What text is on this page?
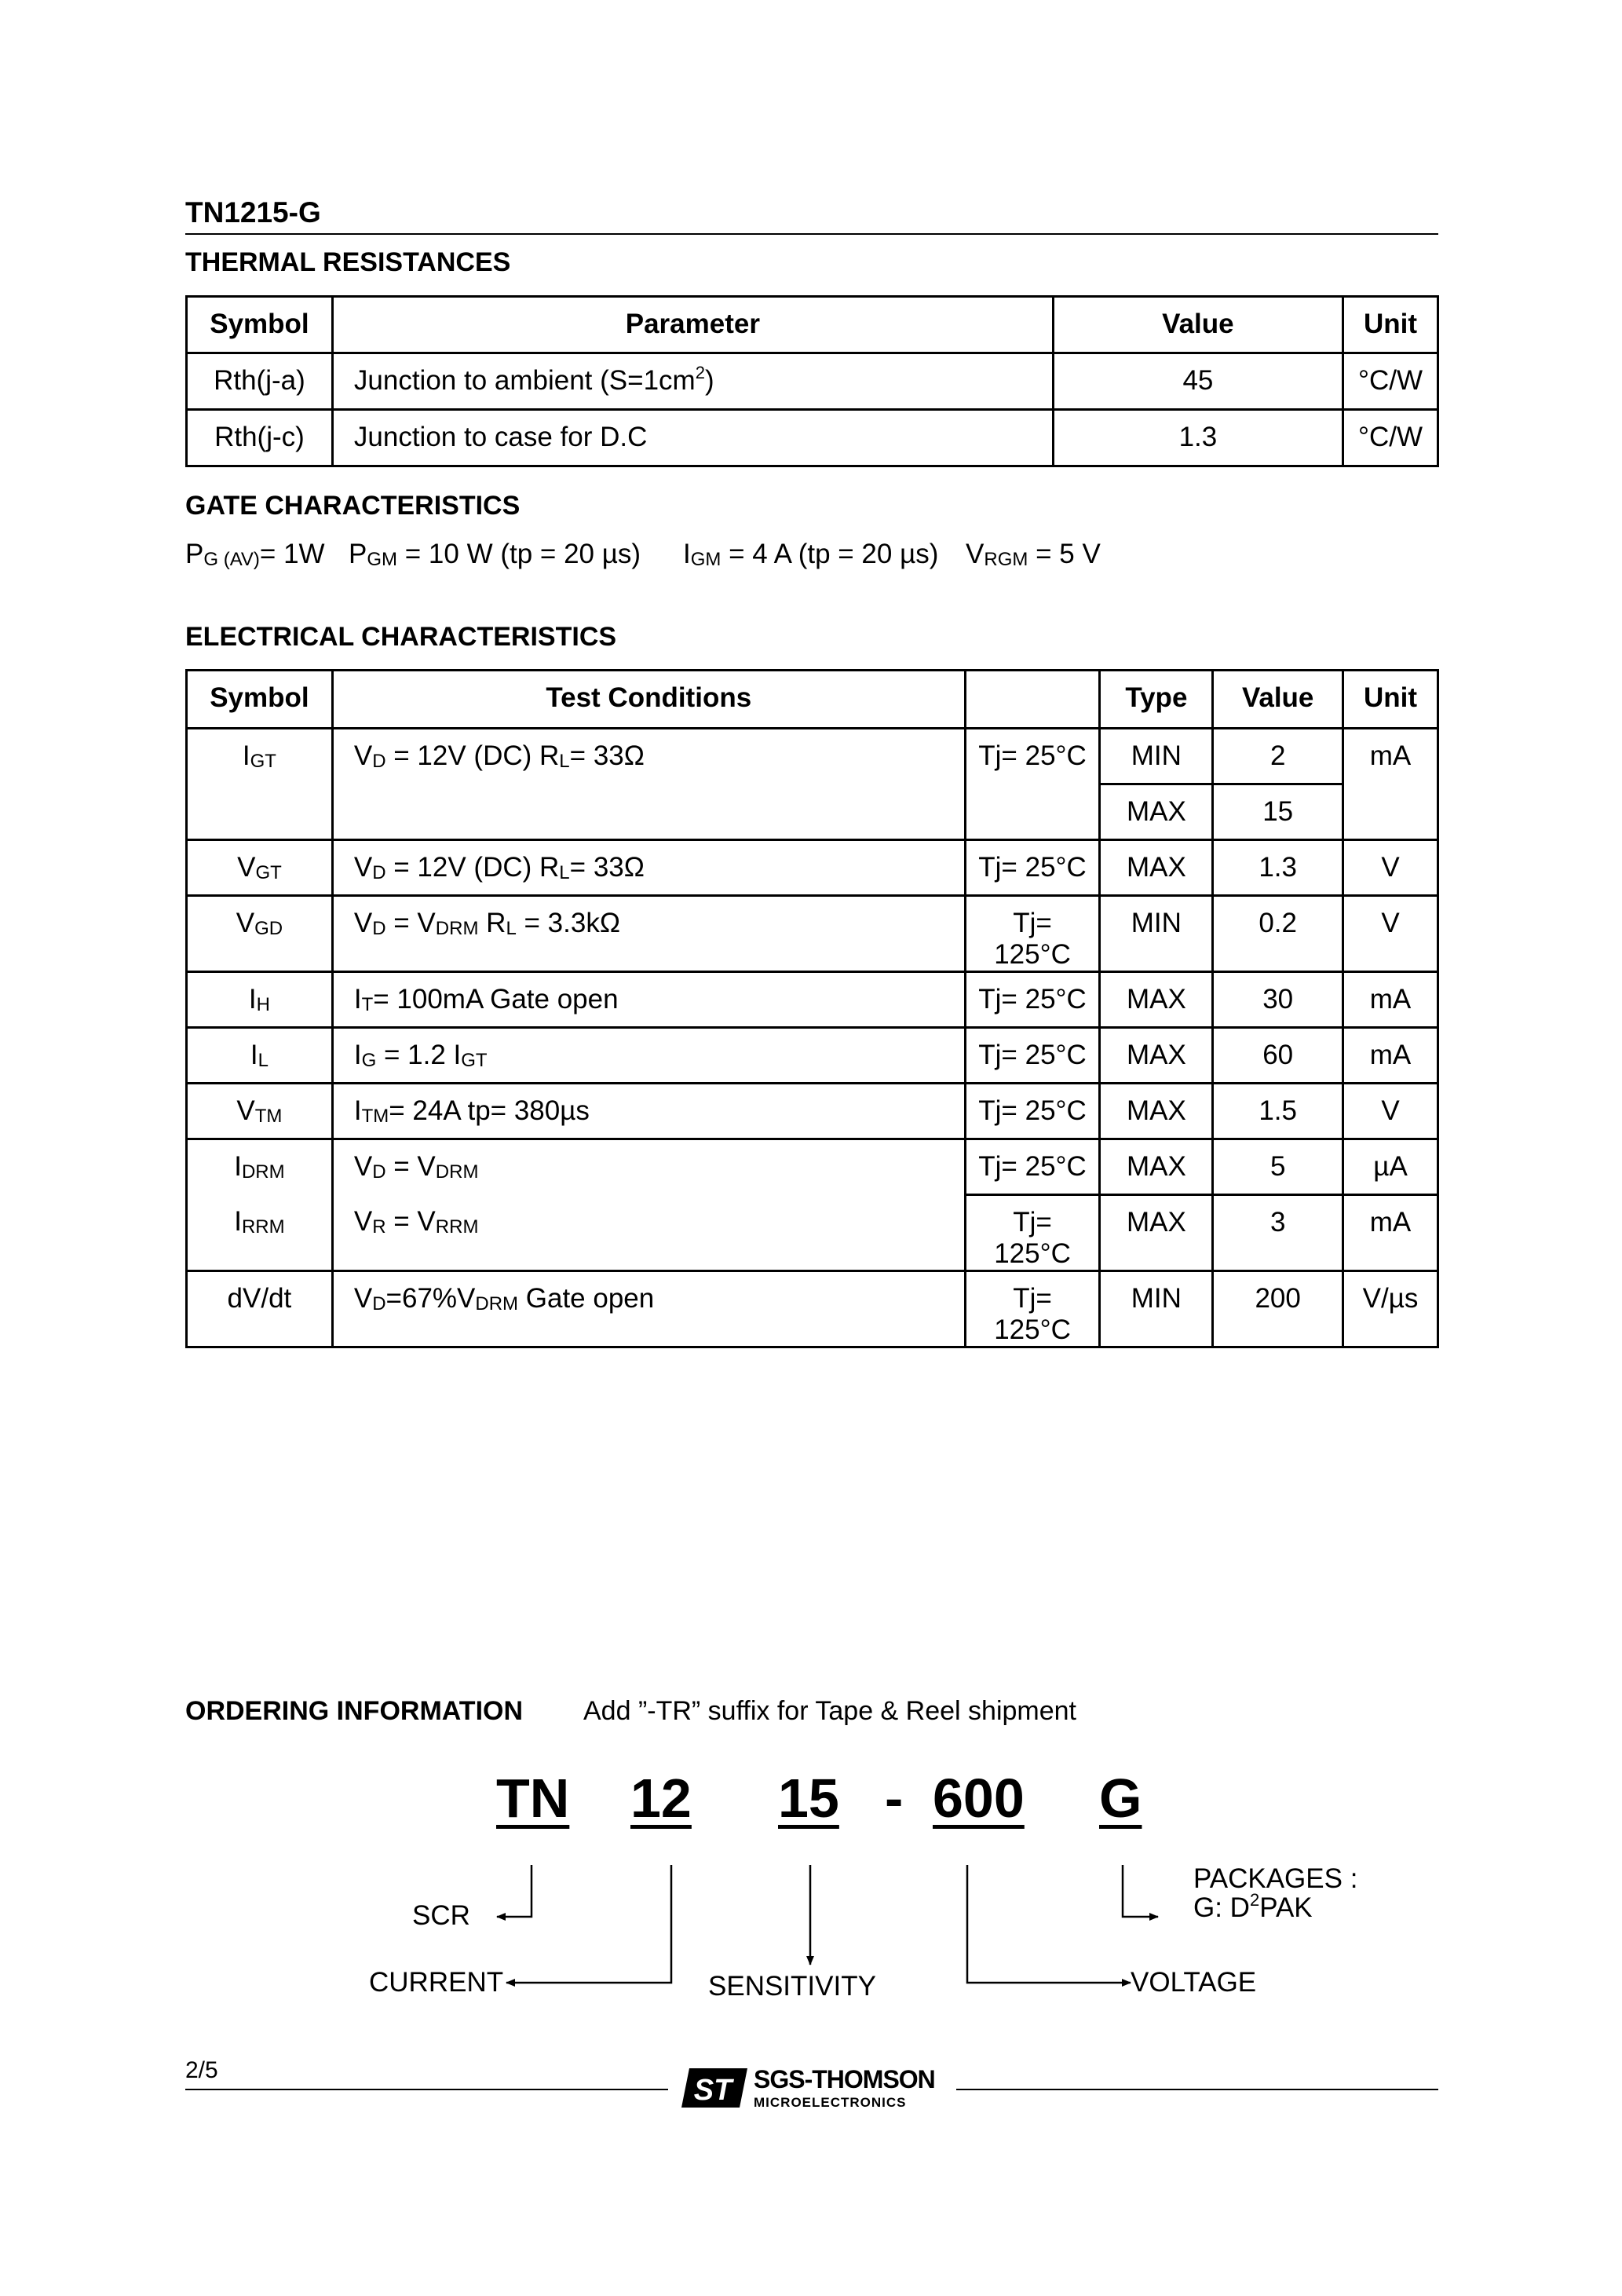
TN1215-G
THERMAL RESISTANCES
Symbol	Parameter	Value	Unit
Rth(j-a)	Junction to ambient $(S=1cm^2)$	45	°C/W
Rth(j-c)	Junction to case for D.C	1.3	°C/W
GATE CHARACTERISTICS
$P_{G (AV)}= 1W$ $P_{GM} = 10$ W (tp = 20 µs) $I_{GM} = 4$ A (tp = 20 µs) $V_{RGM} = 5$ V
ELECTRICAL CHARACTERISTICS
Symbol	Test Conditions		Type	Value	Unit
$I_{GT}$	$V_D = 12V$ (DC) $R_L= 33\Omega$	Tj= 25°C	MIN	2	mA
			MAX	15	
$V_{GT}$	$V_D = 12V$ (DC) $R_L= 33\Omega$	Tj= 25°C	MAX	1.3	V
$V_{GD}$	$V_D = V_{DRM}$ $R_L = 3.3k\Omega$	Tj= 125°C	MIN	0.2	V
$I_H$	$I_T= 100mA$ Gate open	Tj= 25°C	MAX	30	mA
$I_L$	$I_G = 1.2$ $I_{GT}$	Tj= 25°C	MAX	60	mA
$V_{TM}$	$I_{TM}= 24A$ tp= 380µs	Tj= 25°C	MAX	1.5	V
$I_{DRM}$	$V_D = V_{DRM}$	Tj= 25°C	MAX	5	µA
$I_{RRM}$	$V_R = V_{RRM}$	Tj= 125°C	MAX	3	mA
dV/dt	$V_D=67\%V_{DRM}$ Gate open	Tj= 125°C	MIN	200	V/µs
ORDERING INFORMATION Add ”-TR” suffix for Tape & Reel shipment
TN 12 15 - 600 G
SCR
CURRENT	SENSITIVITY	VOLTAGE
PACKAGES :
G: $D^2PAK$
2/5
ST SGS-THOMSON
MICROELECTRONICS
